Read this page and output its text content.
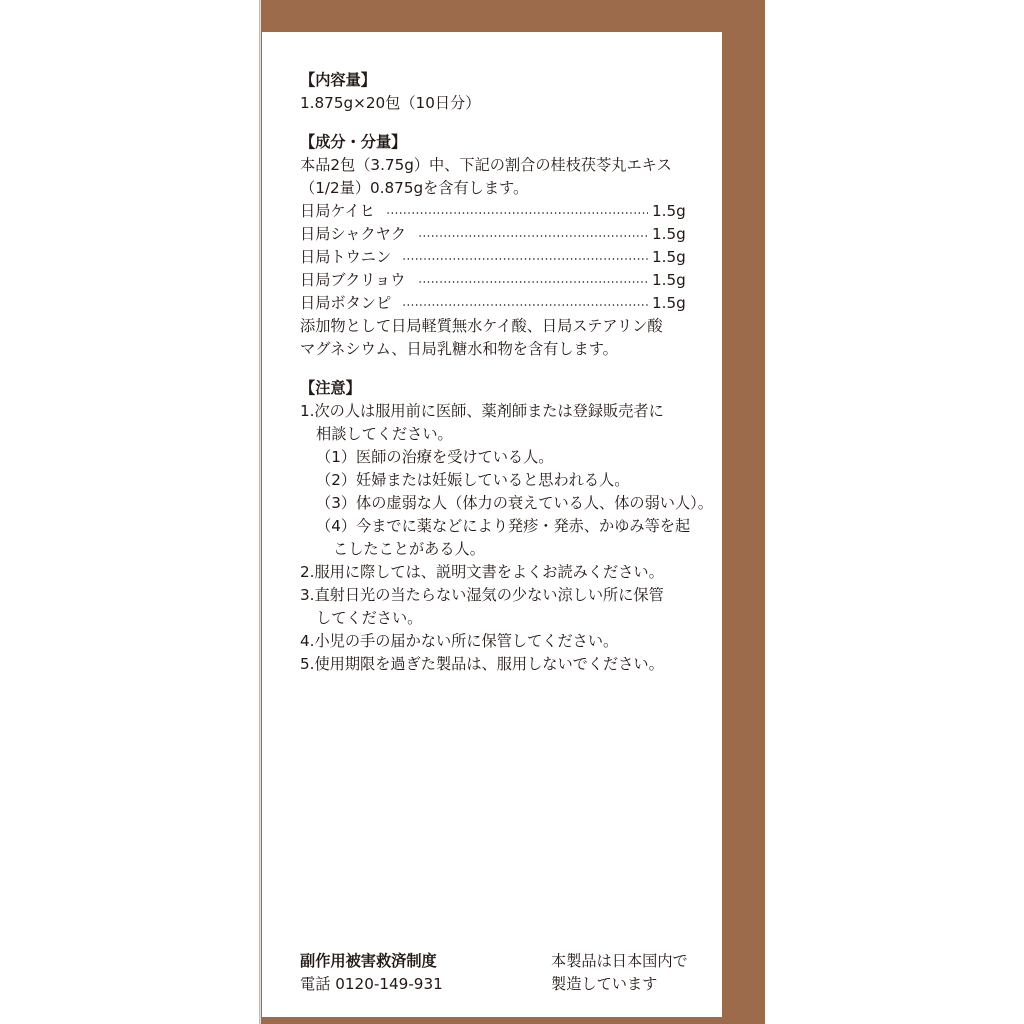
【内容量】
1.875g×20包（10日分）
【成分・分量】
本品2包（3.75g）中、下記の割合の桂枝茯苓丸エキス
（1/2量）0.875gを含有します。
日局ケイヒ	1.5g
日局シャクヤク	1.5g
日局トウニン	1.5g
日局ブクリョウ	1.5g
日局ボタンピ	1.5g
添加物として日局軽質無水ケイ酸、日局ステアリン酸
マグネシウム、日局乳糖水和物を含有します。
【注意】
1.次の人は服用前に医師、薬剤師または登録販売者に
相談してください。
（1）医師の治療を受けている人。
（2）妊婦または妊娠していると思われる人。
（3）体の虚弱な人（体力の衰えている人、体の弱い人）。
（4）今までに薬などにより発疹・発赤、かゆみ等を起
こしたことがある人。
2.服用に際しては、説明文書をよくお読みください。
3.直射日光の当たらない湿気の少ない涼しい所に保管
してください。
4.小児の手の届かない所に保管してください。
5.使用期限を過ぎた製品は、服用しないでください。
副作用被害救済制度
電話 0120-149-931
本製品は日本国内で
製造しています
